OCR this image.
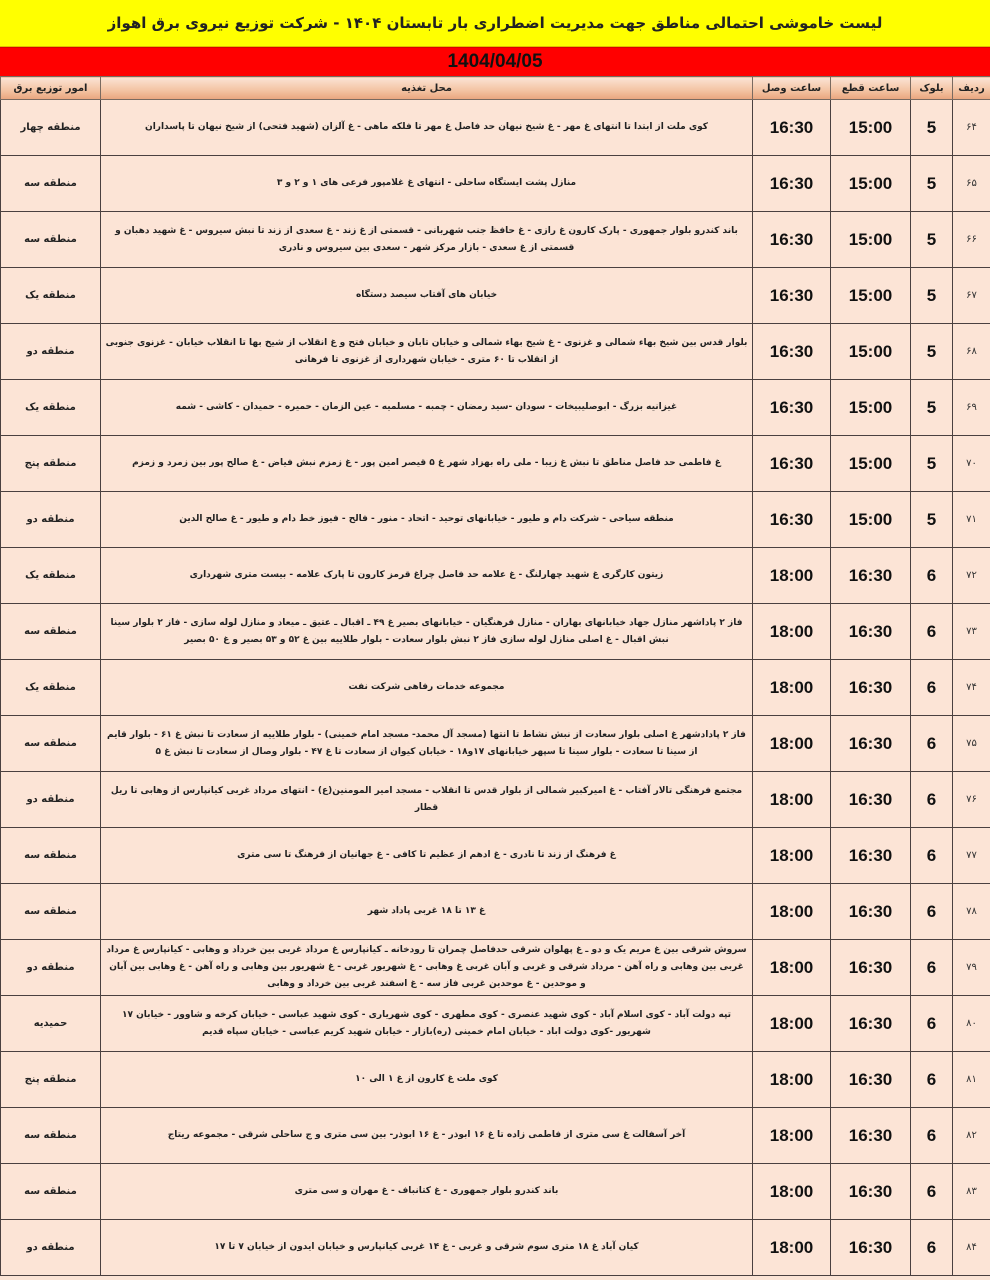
لیست خاموشی احتمالی مناطق جهت مدیریت اضطراری بار تابستان ۱۴۰۴ - شرکت توزیع نیروی برق اهواز
1404/04/05
ردیف	بلوک	ساعت قطع	ساعت وصل	محل تغذیه	امور توزیع برق
۶۴	5	15:00	16:30	کوی ملت از ابتدا تا انتهای غ مهر - غ شیخ نیهان حد فاصل غ مهر تا فلکه ماهی - غ آلزان (شهید فتحی) از شیخ نیهان تا پاسداران	منطقه چهار
۶۵	5	15:00	16:30	منازل پشت ایستگاه ساحلی - انتهای غ غلامپور فرعی های ۱ و ۲ و ۳	منطقه سه
۶۶	5	15:00	16:30	باند کندرو بلوار جمهوری - پارک کارون غ رازی - غ حافظ جنب شهربانی - قسمتی از غ زند - غ سعدی از زند تا نبش سیروس - غ شهید دهبان و قسمتی از غ سعدی - بازار مرکز شهر - سعدی بین سیروس و نادری	منطقه سه
۶۷	5	15:00	16:30	خیابان های آفتاب سیصد دستگاه	منطقه یک
۶۸	5	15:00	16:30	بلوار قدس بین شیخ بهاء شمالی و غزنوی - غ شیخ بهاء شمالی و خیابان تابان و خیابان فتح و غ انقلاب از شیخ بها تا انقلاب خیابان - غزنوی جنوبی از انقلاب تا ۶۰ متری - خیابان شهرداری از غزنوی تا فرهانی	منطقه دو
۶۹	5	15:00	16:30	غیزانیه بزرگ - ابوصلیبیخات - سودان -سید رمضان - چمبه - مسلمیه - عین الزمان - حمیره - حمیدان - کاشی - شمه	منطقه یک
۷۰	5	15:00	16:30	غ فاطمی حد فاصل مناطق تا نبش غ زیبا - ملی راه بهزاد شهر غ ۵ قیصر امین پور - غ زمزم نبش فیاض - غ صالح پور بین زمرد و زمزم	منطقه پنج
۷۱	5	15:00	16:30	منطقه سیاحی - شرکت دام و طیور - خیابانهای توحید - اتحاد - منور - فالح - فیوز خط دام و طیور - غ صالح الدین	منطقه دو
۷۲	6	16:30	18:00	زیتون کارگری غ شهید چهارلنگ - غ علامه حد فاصل چراغ قرمز کارون تا پارک علامه - بیست متری شهرداری	منطقه یک
۷۳	6	16:30	18:00	فاز ۲ پاداشهر منازل جهاد خیابانهای بهاران - منازل فرهنگیان - خیابانهای بصیر غ ۴۹ ـ اقبال ـ عتیق ـ میعاد و منازل لوله سازی - فاز ۲ بلوار سینا نبش اقبال - غ اصلی منازل لوله سازی فاز ۲ نبش بلوار سعادت - بلوار طلاییه بین غ ۵۲ و ۵۳ بصیر و غ ۵۰ بصیر	منطقه سه
۷۴	6	16:30	18:00	مجموعه خدمات رفاهی شرکت نفت	منطقه یک
۷۵	6	16:30	18:00	فاز ۲ پادادشهر غ اصلی بلوار سعادت از نبش نشاط تا انتها (مسجد آل محمد- مسجد امام خمینی) - بلوار طلاییه از سعادت تا نبش غ ۶۱ - بلوار قایم از سینا تا سعادت - بلوار سینا تا سپهر خیابانهای ۱۷و۱۸ - خیابان کیوان از سعادت تا غ ۴۷ - بلوار وصال از سعادت تا نبش غ ۵	منطقه سه
۷۶	6	16:30	18:00	مجتمع فرهنگی تالار آفتاب - غ امیرکبیر شمالی از بلوار قدس تا انقلاب - مسجد امیر المومنین(ع) - انتهای مرداد غربی کیانپارس از وهابی تا ریل قطار	منطقه دو
۷۷	6	16:30	18:00	غ فرهنگ از زند تا نادری - غ ادهم از عظیم تا کافی - غ جهانیان از فرهنگ تا سی متری	منطقه سه
۷۸	6	16:30	18:00	غ ۱۳ تا ۱۸ غربی پاداد شهر	منطقه سه
۷۹	6	16:30	18:00	سروش شرقی بین غ مریم یک و دو ـ غ پهلوان شرقی حدفاصل چمران تا رودخانه ـ کیانپارس غ مرداد غربی بین خرداد و وهابی - کیانپارس غ مرداد غربی بین وهابی و راه آهن - مرداد شرقی و غربی و آبان غربی غ وهابی - غ شهریور غربی - غ شهریور بین وهابی و راه آهن - غ وهابی بین آبان و موحدین - غ موحدین غربی فاز سه - غ اسفند غربی بین خرداد و وهابی	منطقه دو
۸۰	6	16:30	18:00	تپه دولت آباد - کوی اسلام آباد - کوی شهید عنصری - کوی مطهری - کوی شهریاری - کوی شهید عباسی - خیابان کرخه و شاوور - خیابان ۱۷ شهریور -کوی دولت اباد - خیابان امام خمینی (ره)بازار - خیابان شهید کریم عباسی - خیابان سپاه قدیم	حمیدیه
۸۱	6	16:30	18:00	کوی ملت غ کارون از غ ۱ الی ۱۰	منطقه پنج
۸۲	6	16:30	18:00	آخر آسفالت غ سی متری از فاطمی زاده تا غ ۱۶ ابوذر - غ ۱۶ ابوذر- بین سی متری و ج ساحلی شرقی - مجموعه ریتاج	منطقه سه
۸۳	6	16:30	18:00	باند کندرو بلوار جمهوری - غ کتانباف - غ مهران و سی متری	منطقه سه
۸۴	6	16:30	18:00	کیان آباد غ ۱۸ متری سوم شرقی و غربی - غ ۱۴ غربی کیانپارس و خیابان ایدون از خیابان ۷ تا ۱۷	منطقه دو
